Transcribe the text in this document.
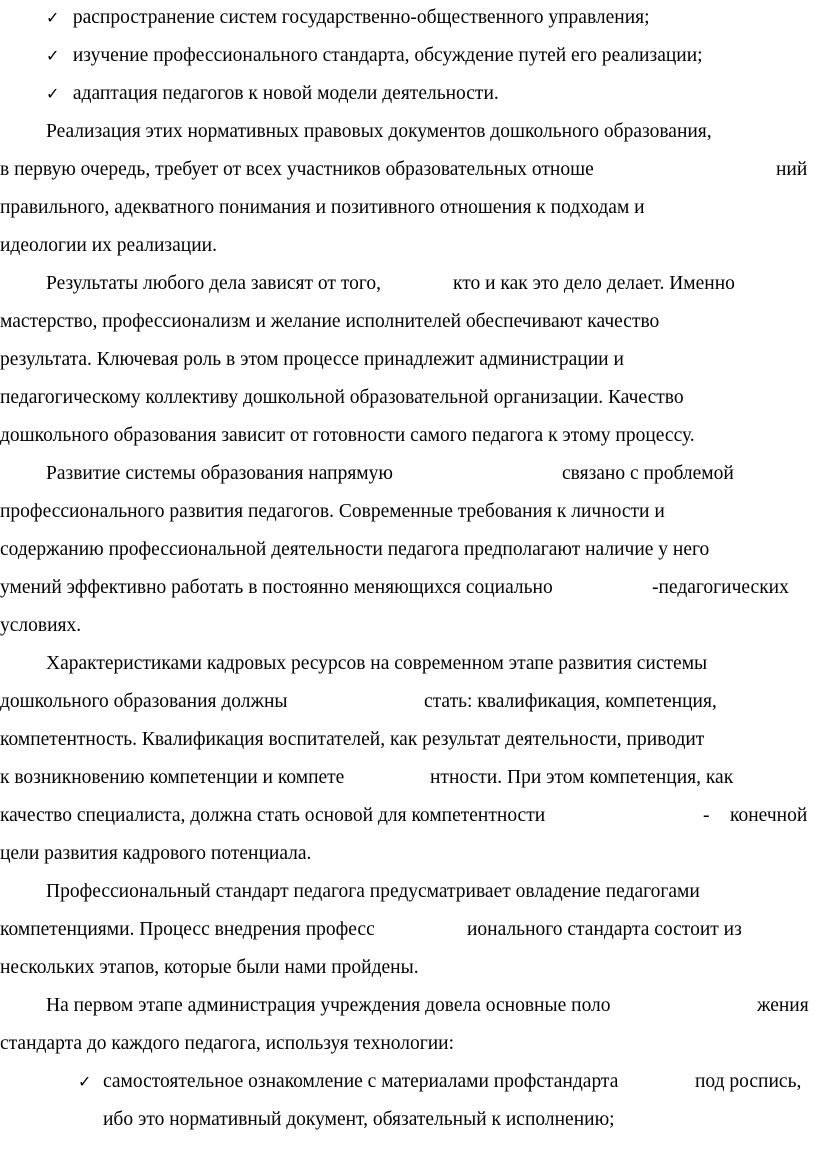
✓ распространение систем государственно-общественного управления;
✓ изучение профессионального стандарта, обсуждение путей его реализации;
✓ адаптация педагогов к новой модели деятельности.
Реализация этих нормативных правовых документов дошкольного образования,
в первую очередь, требует от всех участников образовательных отноше	ний
правильного, адекватного понимания и позитивного отношения к подходам и
идеологии их реализации.
Результаты любого дела зависят от того,	кто и как это дело делает. Именно
мастерство, профессионализм и желание исполнителей обеспечивают качество
результата. Ключевая роль в этом процессе принадлежит администрации и
педагогическому коллективу дошкольной образовательной организации. Качество
дошкольного образования зависит от готовности самого педагога к этому процессу.
Развитие системы образования напрямую	связано с проблемой
профессионального развития педагогов. Современные требования к личности и
содержанию профессиональной деятельности педагога предполагают наличие у него
умений эффективно работать в постоянно меняющихся социально	-педагогических
условиях.
Характеристиками кадровых ресурсов на современном этапе развития системы
дошкольного образования должны	стать: квалификация, компетенция,
компетентность. Квалификация воспитателей, как результат деятельности, приводит
к возникновению компетенции и компете	нтности. При этом компетенция, как
качество специалиста, должна стать основой для компетентности	- конечной
цели развития кадрового потенциала.
Профессиональный стандарт педагога предусматривает овладение педагогами
компетенциями. Процесс внедрения професс	ионального стандарта состоит из
нескольких этапов, которые были нами пройдены.
На первом этапе администрация учреждения довела основные поло	жения
стандарта до каждого педагога, используя технологии:
✓ самостоятельное ознакомление с материалами профстандарта	под роспись,
ибо это нормативный документ, обязательный к исполнению;
